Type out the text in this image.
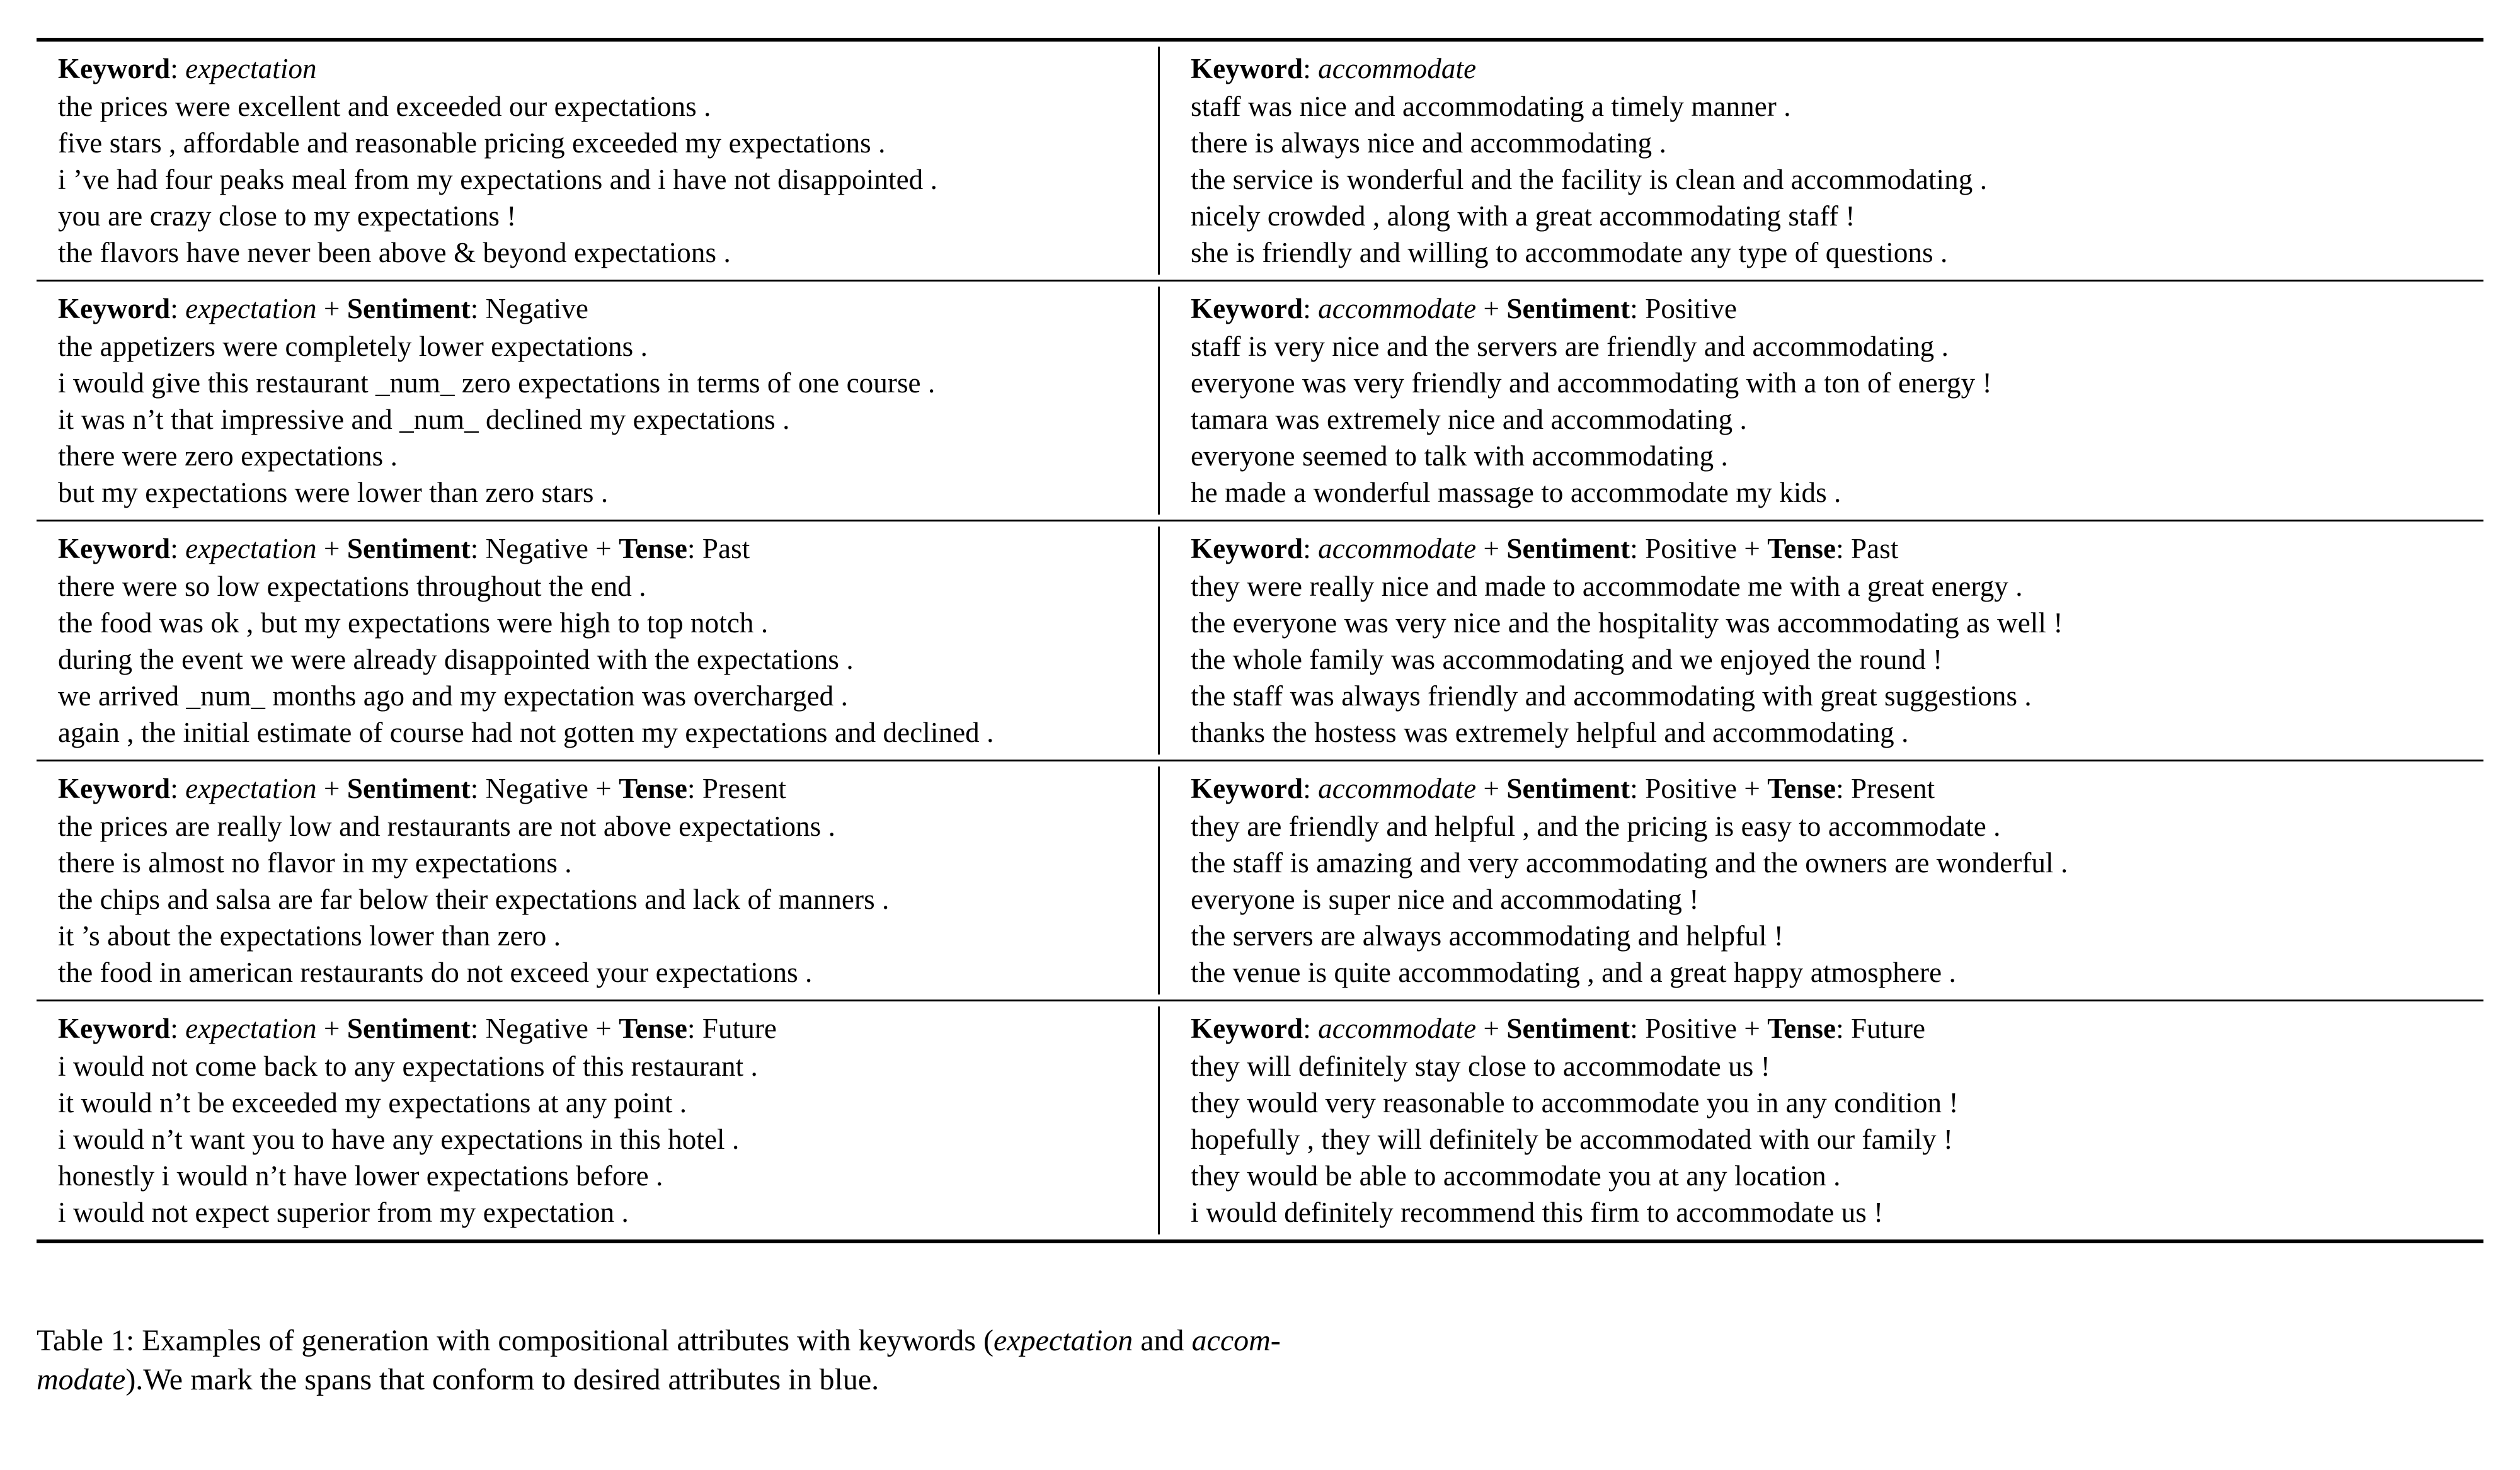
Keyword: expectation
the prices were excellent and exceeded our expectations .
five stars , affordable and reasonable pricing exceeded my expectations .
i ’ve had four peaks meal from my expectations and i have not disappointed .
you are crazy close to my expectations !
the flavors have never been above & beyond expectations .
Keyword: accommodate
staff was nice and accommodating a timely manner .
there is always nice and accommodating .
the service is wonderful and the facility is clean and accommodating .
nicely crowded , along with a great accommodating staff !
she is friendly and willing to accommodate any type of questions .
Keyword: expectation + Sentiment: Negative
the appetizers were completely lower expectations .
i would give this restaurant _num_ zero expectations in terms of one course .
it was n’t that impressive and _num_ declined my expectations .
there were zero expectations .
but my expectations were lower than zero stars .
Keyword: accommodate + Sentiment: Positive
staff is very nice and the servers are friendly and accommodating .
everyone was very friendly and accommodating with a ton of energy !
tamara was extremely nice and accommodating .
everyone seemed to talk with accommodating .
he made a wonderful massage to accommodate my kids .
Keyword: expectation + Sentiment: Negative + Tense: Past
there were so low expectations throughout the end .
the food was ok , but my expectations were high to top notch .
during the event we were already disappointed with the expectations .
we arrived _num_ months ago and my expectation was overcharged .
again , the initial estimate of course had not gotten my expectations and declined .
Keyword: accommodate + Sentiment: Positive + Tense: Past
they were really nice and made to accommodate me with a great energy .
the everyone was very nice and the hospitality was accommodating as well !
the whole family was accommodating and we enjoyed the round !
the staff was always friendly and accommodating with great suggestions .
thanks the hostess was extremely helpful and accommodating .
Keyword: expectation + Sentiment: Negative + Tense: Present
the prices are really low and restaurants are not above expectations .
there is almost no flavor in my expectations .
the chips and salsa are far below their expectations and lack of manners .
it ’s about the expectations lower than zero .
the food in american restaurants do not exceed your expectations .
Keyword: accommodate + Sentiment: Positive + Tense: Present
they are friendly and helpful , and the pricing is easy to accommodate .
the staff is amazing and very accommodating and the owners are wonderful .
everyone is super nice and accommodating !
the servers are always accommodating and helpful !
the venue is quite accommodating , and a great happy atmosphere .
Keyword: expectation + Sentiment: Negative + Tense: Future
i would not come back to any expectations of this restaurant .
it would n’t be exceeded my expectations at any point .
i would n’t want you to have any expectations in this hotel .
honestly i would n’t have lower expectations before .
i would not expect superior from my expectation .
Keyword: accommodate + Sentiment: Positive + Tense: Future
they will definitely stay close to accommodate us !
they would very reasonable to accommodate you in any condition !
hopefully , they will definitely be accommodated with our family !
they would be able to accommodate you at any location .
i would definitely recommend this firm to accommodate us !
Table 1: Examples of generation with compositional attributes with keywords (expectation and accom-
modate).We mark the spans that conform to desired attributes in blue.
